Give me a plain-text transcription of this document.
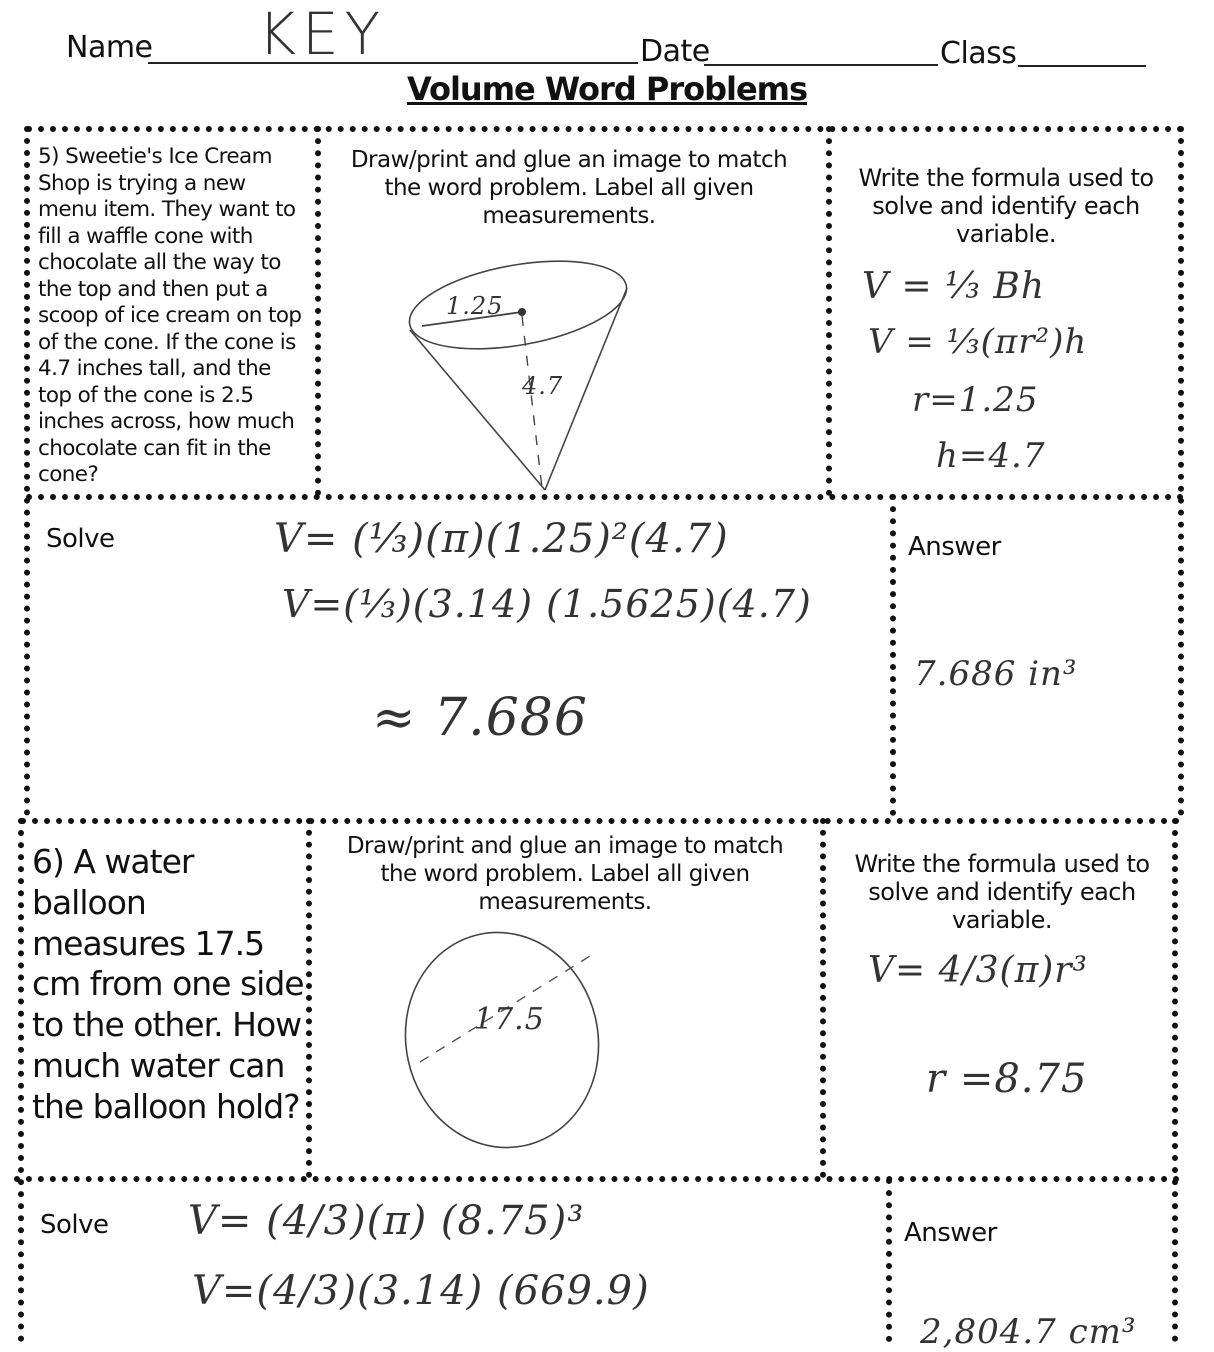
Name KEY	Date	Class
Volume Word Problems
5) Sweetie's Ice Cream Shop is trying a new menu item. They want to fill a waffle cone with chocolate all the way to the top and then put a scoop of ice cream on top of the cone. If the cone is 4.7 inches tall, and the top of the cone is 2.5 inches across, how much chocolate can fit in the cone?
Draw/print and glue an image to match the word problem. Label all given measurements.
1.25
4.7
Write the formula used to solve and identify each variable.
V = ⅓ Bh
V = ⅓(πr²)h
r=1.25
h=4.7
Solve	V= (⅓)(π)(1.25)²(4.7)
V=(⅓)(3.14) (1.5625)(4.7)
≈ 7.686
Answer
7.686 in³
6) A water balloon measures 17.5 cm from one side to the other. How much water can the balloon hold?
Draw/print and glue an image to match the word problem. Label all given measurements.
17.5
Write the formula used to solve and identify each variable.
V= 4/3(π)r³
r =8.75
Solve V= (4/3)(π) (8.75)³
V=(4/3)(3.14) (669.9)
Answer
2,804.7 cm³
